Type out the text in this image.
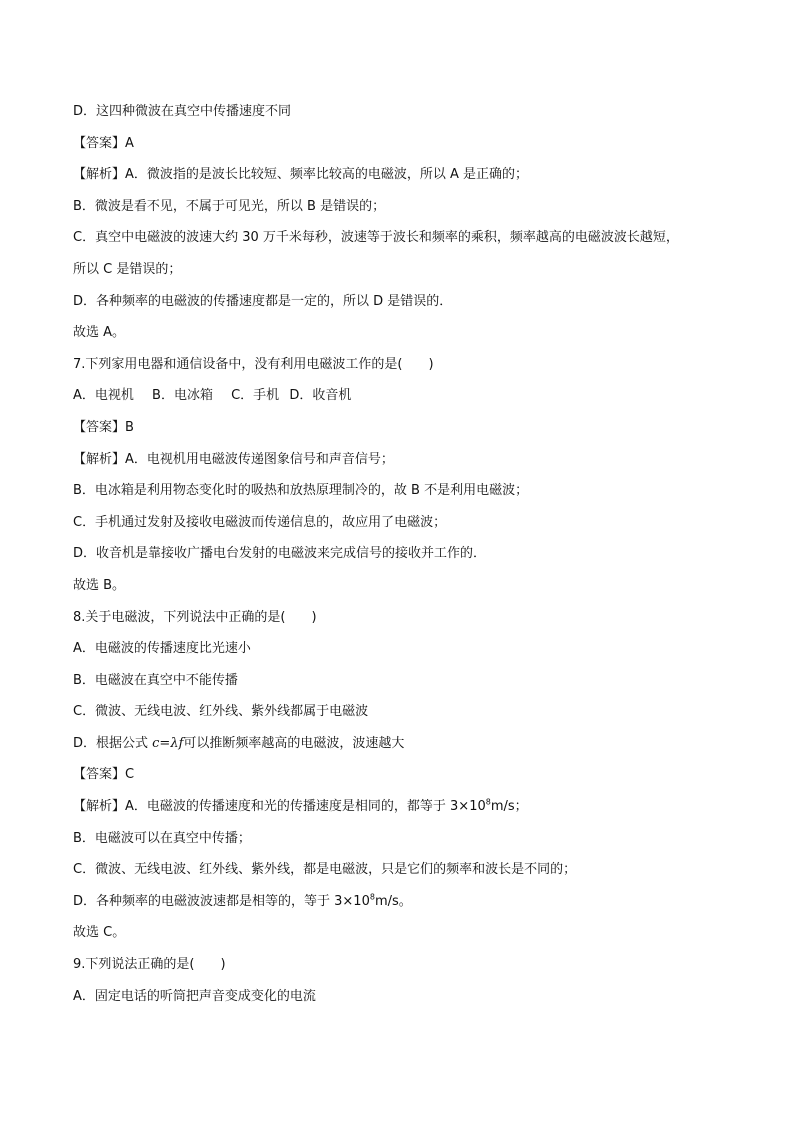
D．这四种微波在真空中传播速度不同
【答案】A
【解析】A．微波指的是波长比较短、频率比较高的电磁波，所以 A 是正确的；
B．微波是看不见，不属于可见光，所以 B 是错误的；
C．真空中电磁波的波速大约 30 万千米每秒，波速等于波长和频率的乘积，频率越高的电磁波波长越短，
所以 C 是错误的；
D．各种频率的电磁波的传播速度都是一定的，所以 D 是错误的．
故选 A。
7.下列家用电器和通信设备中，没有利用电磁波工作的是(　　)
A．电视机 B．电冰箱 C．手机 D．收音机
【答案】B
【解析】A．电视机用电磁波传递图象信号和声音信号；
B．电冰箱是利用物态变化时的吸热和放热原理制冷的，故 B 不是利用电磁波；
C．手机通过发射及接收电磁波而传递信息的，故应用了电磁波；
D．收音机是靠接收广播电台发射的电磁波来完成信号的接收并工作的．
故选 B。
8.关于电磁波，下列说法中正确的是(　　)
A．电磁波的传播速度比光速小
B．电磁波在真空中不能传播
C．微波、无线电波、红外线、紫外线都属于电磁波
D．根据公式 c=λf可以推断频率越高的电磁波，波速越大
【答案】C
【解析】A．电磁波的传播速度和光的传播速度是相同的，都等于 $3\times 10^8m/s$；
B．电磁波可以在真空中传播；
C．微波、无线电波、红外线、紫外线，都是电磁波，只是它们的频率和波长是不同的；
D．各种频率的电磁波波速都是相等的，等于 $3\times 10^8m/s$。
故选 C。
9.下列说法正确的是(　　)
A．固定电话的听筒把声音变成变化的电流
